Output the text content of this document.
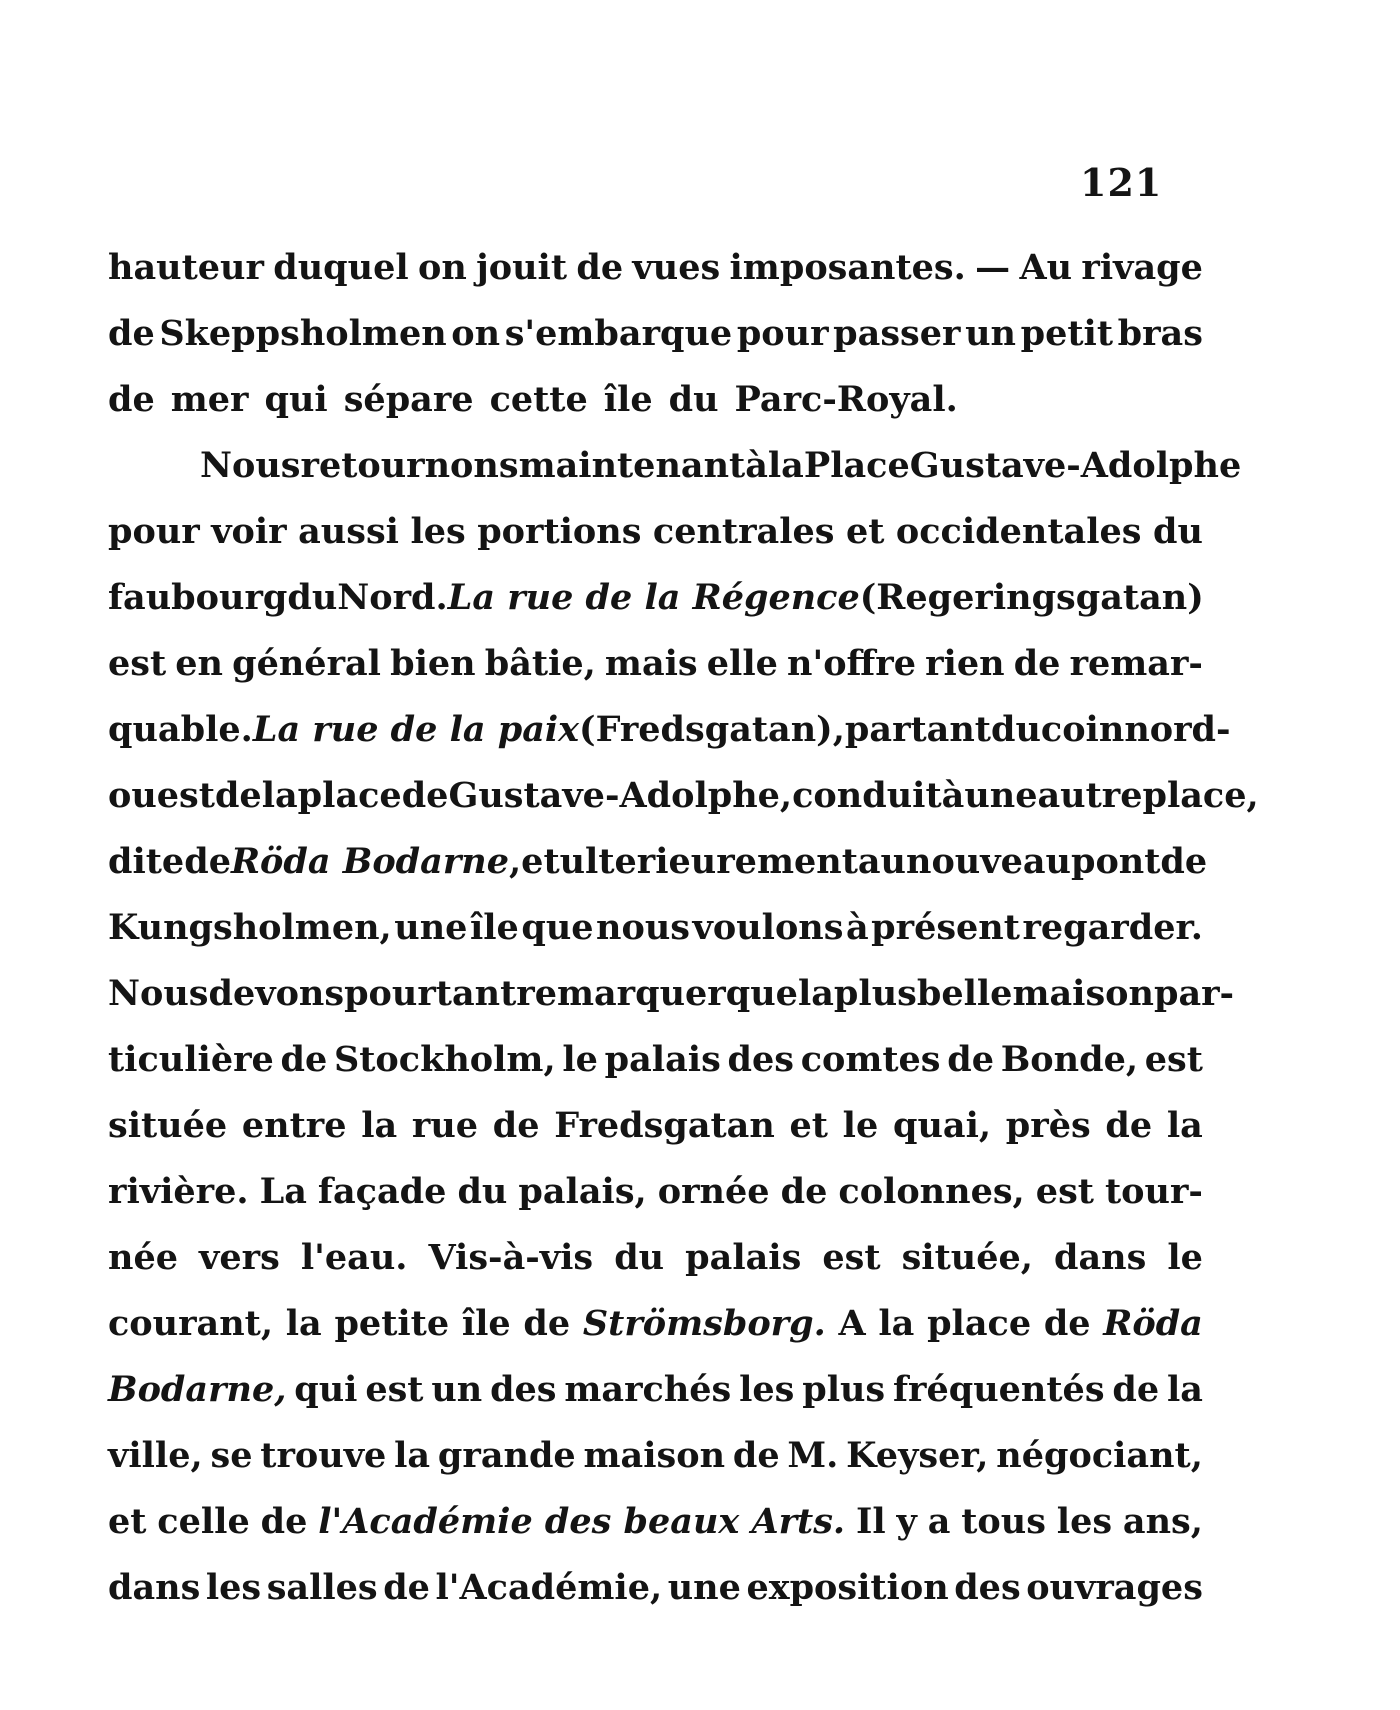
121
hauteur duquel on jouit de vues imposantes. — Au rivage
de Skeppsholmen on s'embarque pour passer un petit bras
de mer qui sépare cette île du Parc-Royal.
Nous retournons maintenant à la Place Gustave-Adolphe
pour voir aussi les portions centrales et occidentales du
faubourg du Nord. La rue de la Régence (Regeringsgatan)
est en général bien bâtie, mais elle n'offre rien de remar-
quable. La rue de la paix (Fredsgatan), partant du coin nord-
ouest de la place de Gustave-Adolphe, conduit à une autre place,
dite de Röda Bodarne , et ulterieurement au nouveau pont de
Kungsholmen, une île que nous voulons à présent regarder.
Nous devons pourtant remarquer que la plus belle maison par-
ticulière de Stockholm, le palais des comtes de Bonde, est
située entre la rue de Fredsgatan et le quai, près de la
rivière. La façade du palais, ornée de colonnes, est tour-
née vers l'eau. Vis-à-vis du palais est située, dans le
courant, la petite île de Strömsborg. A la place de Röda
Bodarne, qui est un des marchés les plus fréquentés de la
ville, se trouve la grande maison de M. Keyser, négociant,
et celle de l'Académie des beaux Arts. Il y a tous les ans,
dans les salles de l'Académie, une exposition des ouvrages
